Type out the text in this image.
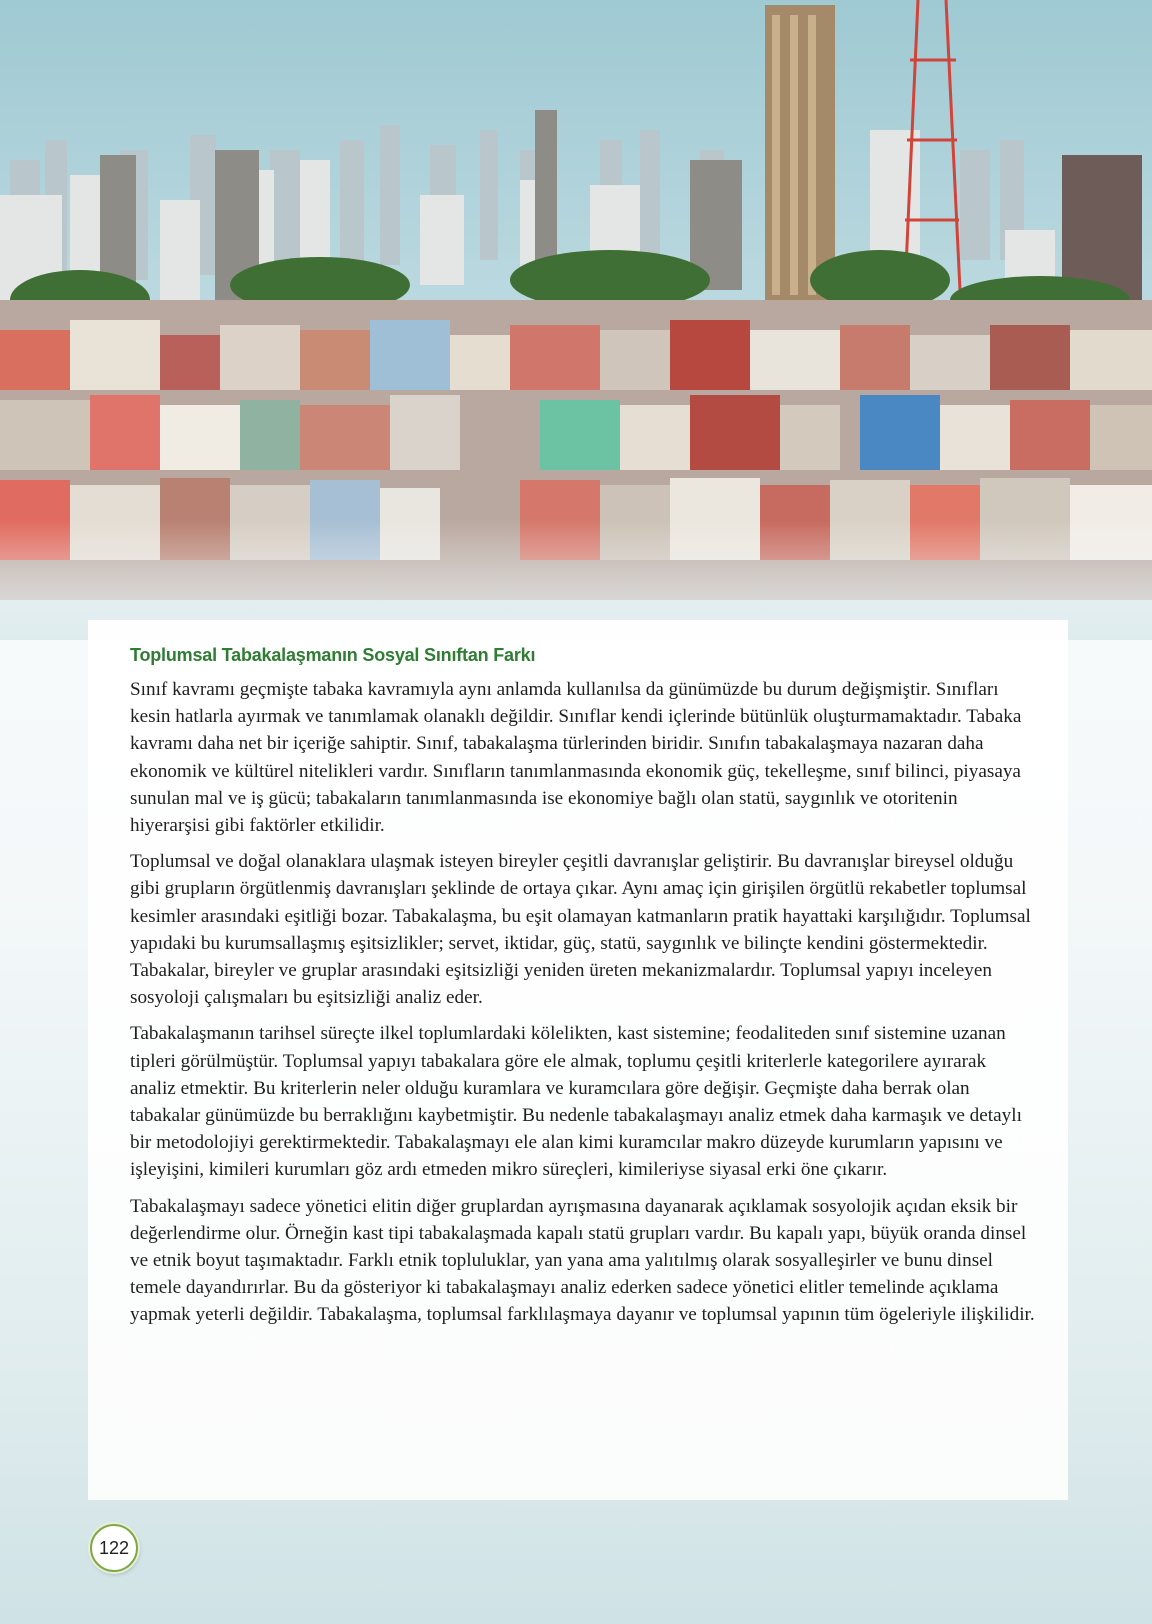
Toplumsal Tabakalaşmanın Sosyal Sınıftan Farkı

Sınıf kavramı geçmişte tabaka kavramıyla aynı anlamda kullanılsa da günümüzde bu durum değişmiştir. Sınıfları kesin hatlarla ayırmak ve tanımlamak olanaklı değildir. Sınıflar kendi içlerinde bütünlük oluşturmamaktadır. Tabaka kavramı daha net bir içeriğe sahiptir. Sınıf, tabakalaşma türlerinden biridir. Sınıfın tabakalaşmaya nazaran daha ekonomik ve kültürel nitelikleri vardır. Sınıfların tanımlanmasında ekonomik güç, tekelleşme, sınıf bilinci, piyasaya sunulan mal ve iş gücü; tabakaların tanımlanmasında ise ekonomiye bağlı olan statü, saygınlık ve otoritenin hiyerarşisi gibi faktörler etkilidir.

Toplumsal ve doğal olanaklara ulaşmak isteyen bireyler çeşitli davranışlar geliştirir. Bu davranışlar bireysel olduğu gibi grupların örgütlenmiş davranışları şeklinde de ortaya çıkar. Aynı amaç için girişilen örgütlü rekabetler toplumsal kesimler arasındaki eşitliği bozar. Tabakalaşma, bu eşit olamayan katmanların pratik hayattaki karşılığıdır. Toplumsal yapıdaki bu kurumsallaşmış eşitsizlikler; servet, iktidar, güç, statü, saygınlık ve bilinçte kendini göstermektedir. Tabakalar, bireyler ve gruplar arasındaki eşitsizliği yeniden üreten mekanizmalardır. Toplumsal yapıyı inceleyen sosyoloji çalışmaları bu eşitsizliği analiz eder.

Tabakalaşmanın tarihsel süreçte ilkel toplumlardaki kölelikten, kast sistemine; feodaliteden sınıf sistemine uzanan tipleri görülmüştür. Toplumsal yapıyı tabakalara göre ele almak, toplumu çeşitli kriterlerle kategorilere ayırarak analiz etmektir. Bu kriterlerin neler olduğu kuramlara ve kuramcılara göre değişir. Geçmişte daha berrak olan tabakalar günümüzde bu berraklığını kaybetmiştir. Bu nedenle tabakalaşmayı analiz etmek daha karmaşık ve detaylı bir metodolojiyi gerektirmektedir. Tabakalaşmayı ele alan kimi kuramcılar makro düzeyde kurumların yapısını ve işleyişini, kimileri kurumları göz ardı etmeden mikro süreçleri, kimileriyse siyasal erki öne çıkarır.

Tabakalaşmayı sadece yönetici elitin diğer gruplardan ayrışmasına dayanarak açıklamak sosyolojik açıdan eksik bir değerlendirme olur. Örneğin kast tipi tabakalaşmada kapalı statü grupları vardır. Bu kapalı yapı, büyük oranda dinsel ve etnik boyut taşımaktadır. Farklı etnik topluluklar, yan yana ama yalıtılmış olarak sosyalleşirler ve bunu dinsel temele dayandırırlar. Bu da gösteriyor ki tabakalaşmayı analiz ederken sadece yönetici elitler temelinde açıklama yapmak yeterli değildir. Tabakalaşma, toplumsal farklılaşmaya dayanır ve toplumsal yapının tüm ögeleriyle ilişkilidir.

122
